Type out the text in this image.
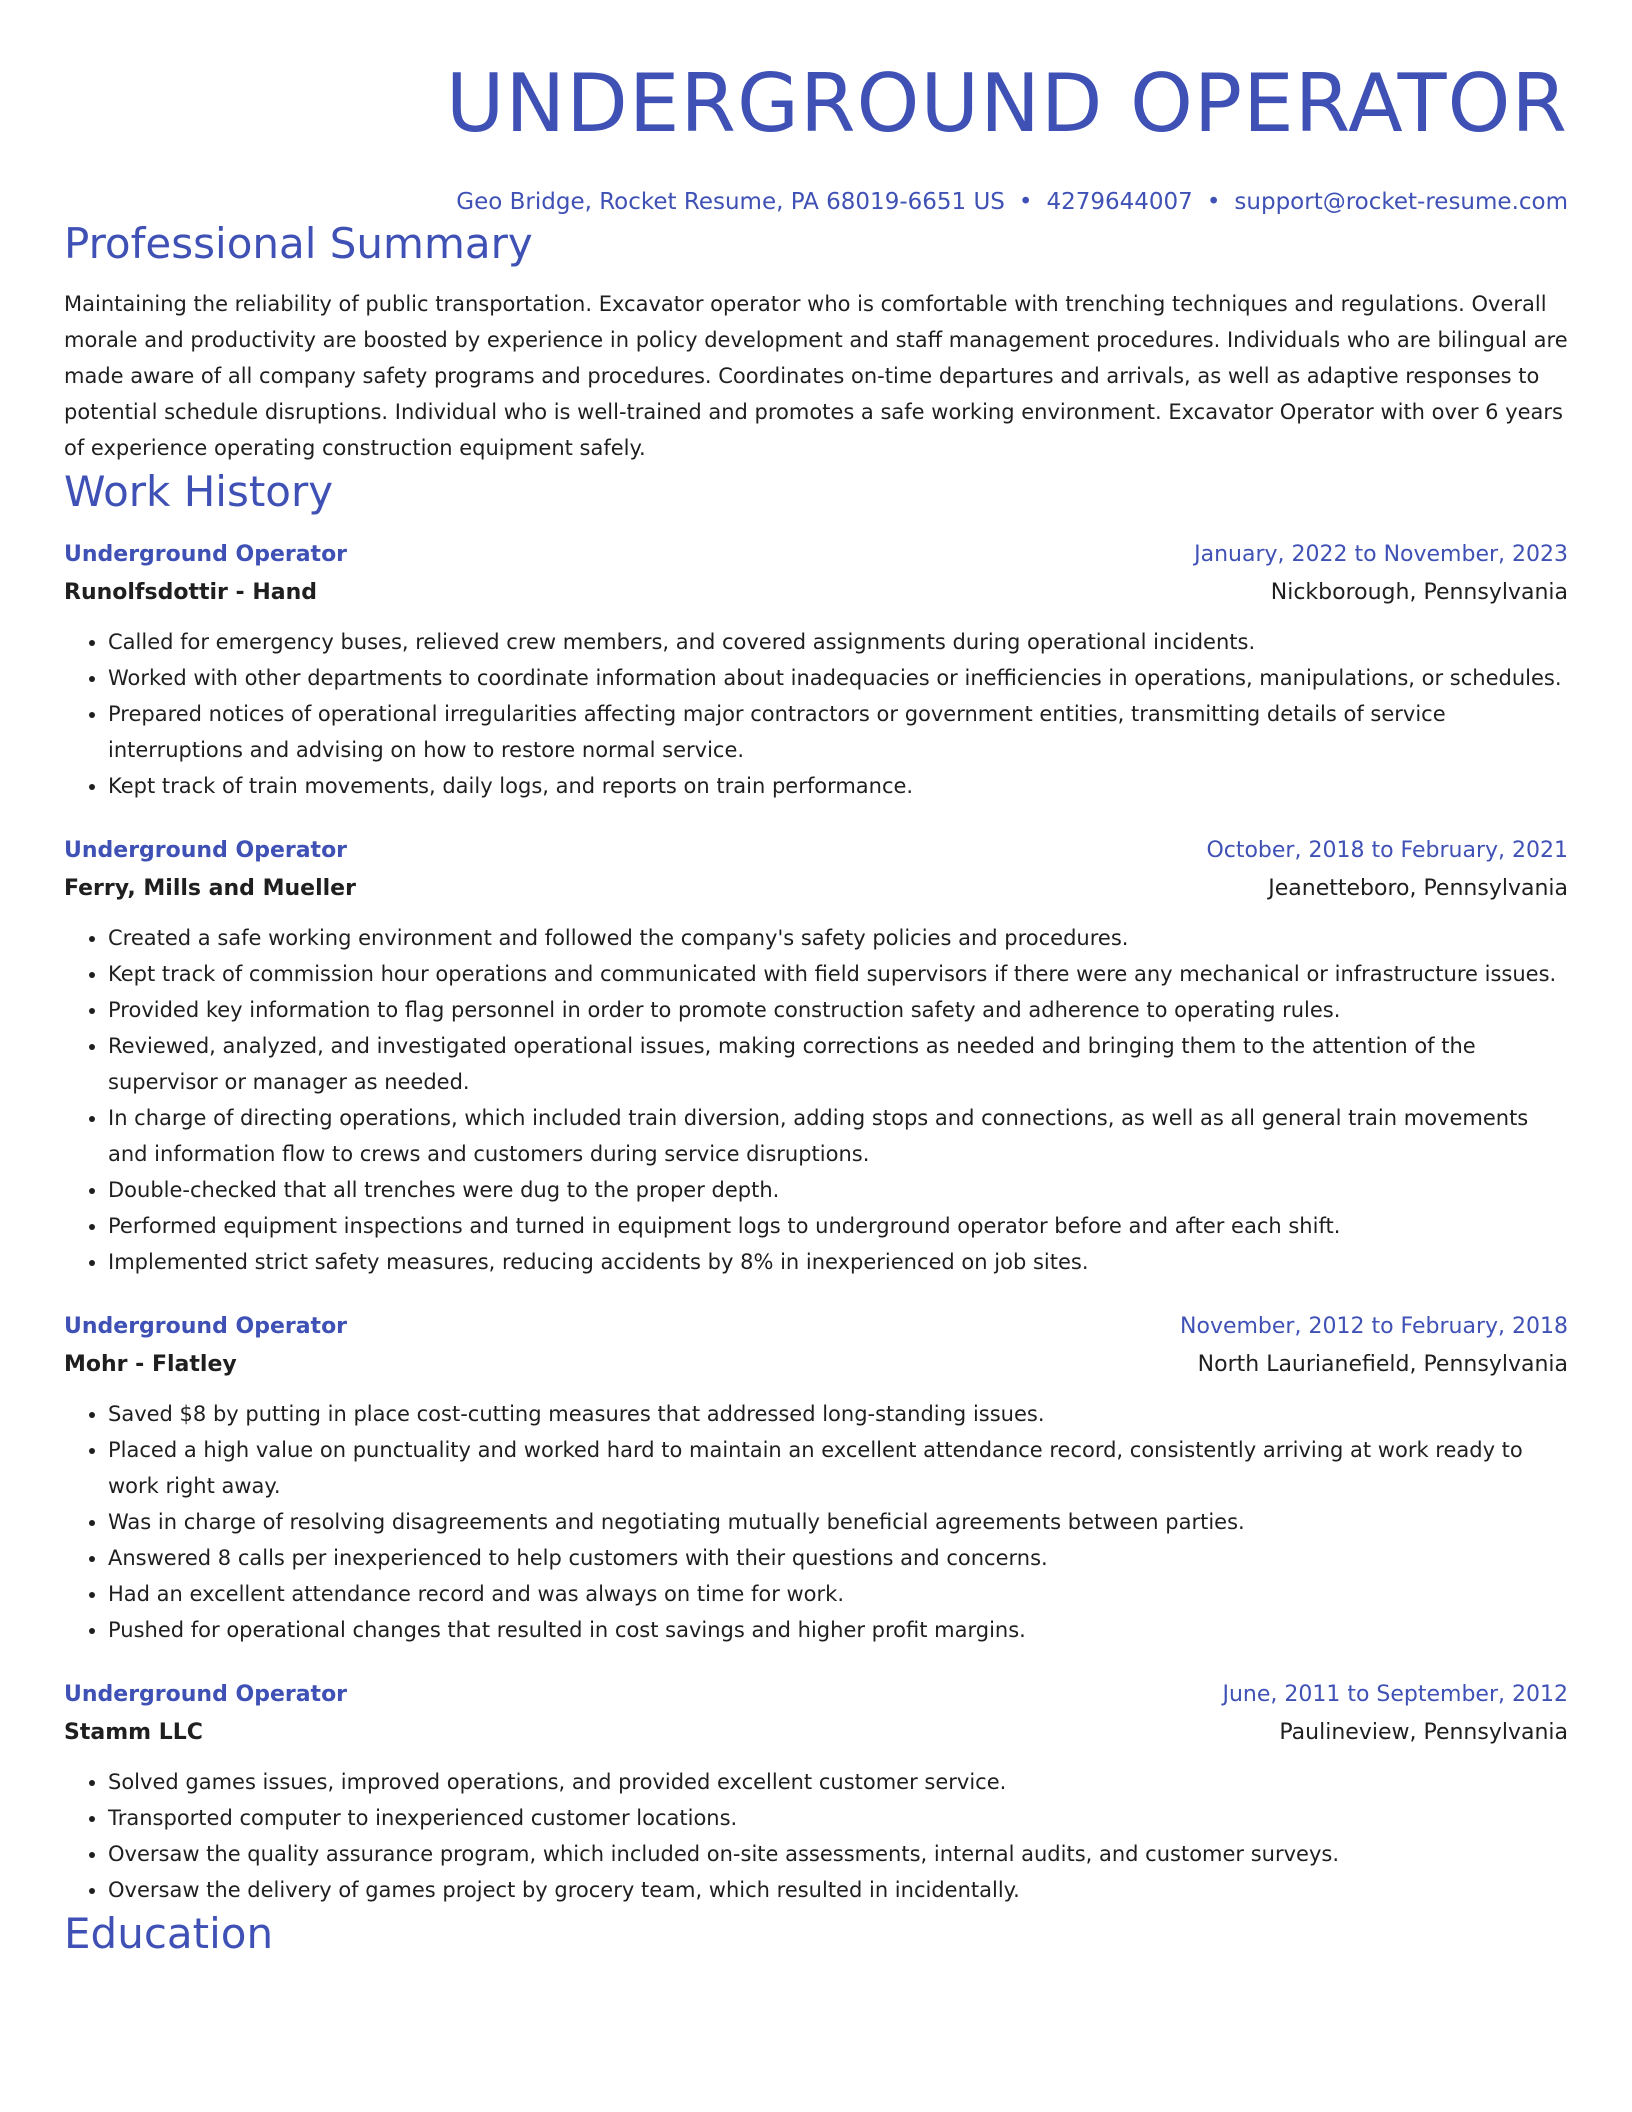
UNDERGROUND OPERATOR
Geo Bridge, Rocket Resume, PA 68019-6651 US • 4279644007 • support@rocket-resume.com
Professional Summary
Maintaining the reliability of public transportation. Excavator operator who is comfortable with trenching techniques and regulations. Overall morale and productivity are boosted by experience in policy development and staff management procedures. Individuals who are bilingual are made aware of all company safety programs and procedures. Coordinates on-time departures and arrivals, as well as adaptive responses to potential schedule disruptions. Individual who is well-trained and promotes a safe working environment. Excavator Operator with over 6 years of experience operating construction equipment safely.
Work History
Underground Operator	January, 2022 to November, 2023
Runolfsdottir - Hand	Nickborough, Pennsylvania
• Called for emergency buses, relieved crew members, and covered assignments during operational incidents.
• Worked with other departments to coordinate information about inadequacies or inefficiencies in operations, manipulations, or schedules.
• Prepared notices of operational irregularities affecting major contractors or government entities, transmitting details of service interruptions and advising on how to restore normal service.
• Kept track of train movements, daily logs, and reports on train performance.
Underground Operator	October, 2018 to February, 2021
Ferry, Mills and Mueller	Jeanetteboro, Pennsylvania
• Created a safe working environment and followed the company's safety policies and procedures.
• Kept track of commission hour operations and communicated with field supervisors if there were any mechanical or infrastructure issues.
• Provided key information to flag personnel in order to promote construction safety and adherence to operating rules.
• Reviewed, analyzed, and investigated operational issues, making corrections as needed and bringing them to the attention of the supervisor or manager as needed.
• In charge of directing operations, which included train diversion, adding stops and connections, as well as all general train movements and information flow to crews and customers during service disruptions.
• Double-checked that all trenches were dug to the proper depth.
• Performed equipment inspections and turned in equipment logs to underground operator before and after each shift.
• Implemented strict safety measures, reducing accidents by 8% in inexperienced on job sites.
Underground Operator	November, 2012 to February, 2018
Mohr - Flatley	North Laurianefield, Pennsylvania
• Saved $8 by putting in place cost-cutting measures that addressed long-standing issues.
• Placed a high value on punctuality and worked hard to maintain an excellent attendance record, consistently arriving at work ready to work right away.
• Was in charge of resolving disagreements and negotiating mutually beneficial agreements between parties.
• Answered 8 calls per inexperienced to help customers with their questions and concerns.
• Had an excellent attendance record and was always on time for work.
• Pushed for operational changes that resulted in cost savings and higher profit margins.
Underground Operator	June, 2011 to September, 2012
Stamm LLC	Paulineview, Pennsylvania
• Solved games issues, improved operations, and provided excellent customer service.
• Transported computer to inexperienced customer locations.
• Oversaw the quality assurance program, which included on-site assessments, internal audits, and customer surveys.
• Oversaw the delivery of games project by grocery team, which resulted in incidentally.
Education
